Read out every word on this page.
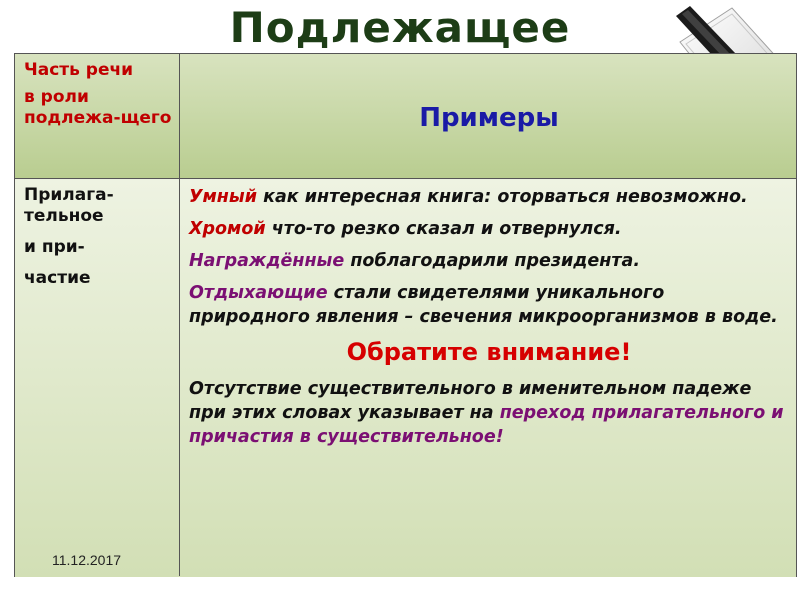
Подлежащее
Часть речи
в роли подлежа-щего	Примеры
Прилага-
тельное
и при-
частие

Умный как интересная книга: оторваться невозможно.

Хромой что-то резко сказал и отвернулся.

Награждённые поблагодарили президента.

Отдыхающие стали свидетелями уникального природного явления – свечения микроорганизмов в воде.

Обратите внимание!

Отсутствие существительного в именительном падеже при этих словах указывает на переход прилагательного и причастия в существительное!

11.12.2017
